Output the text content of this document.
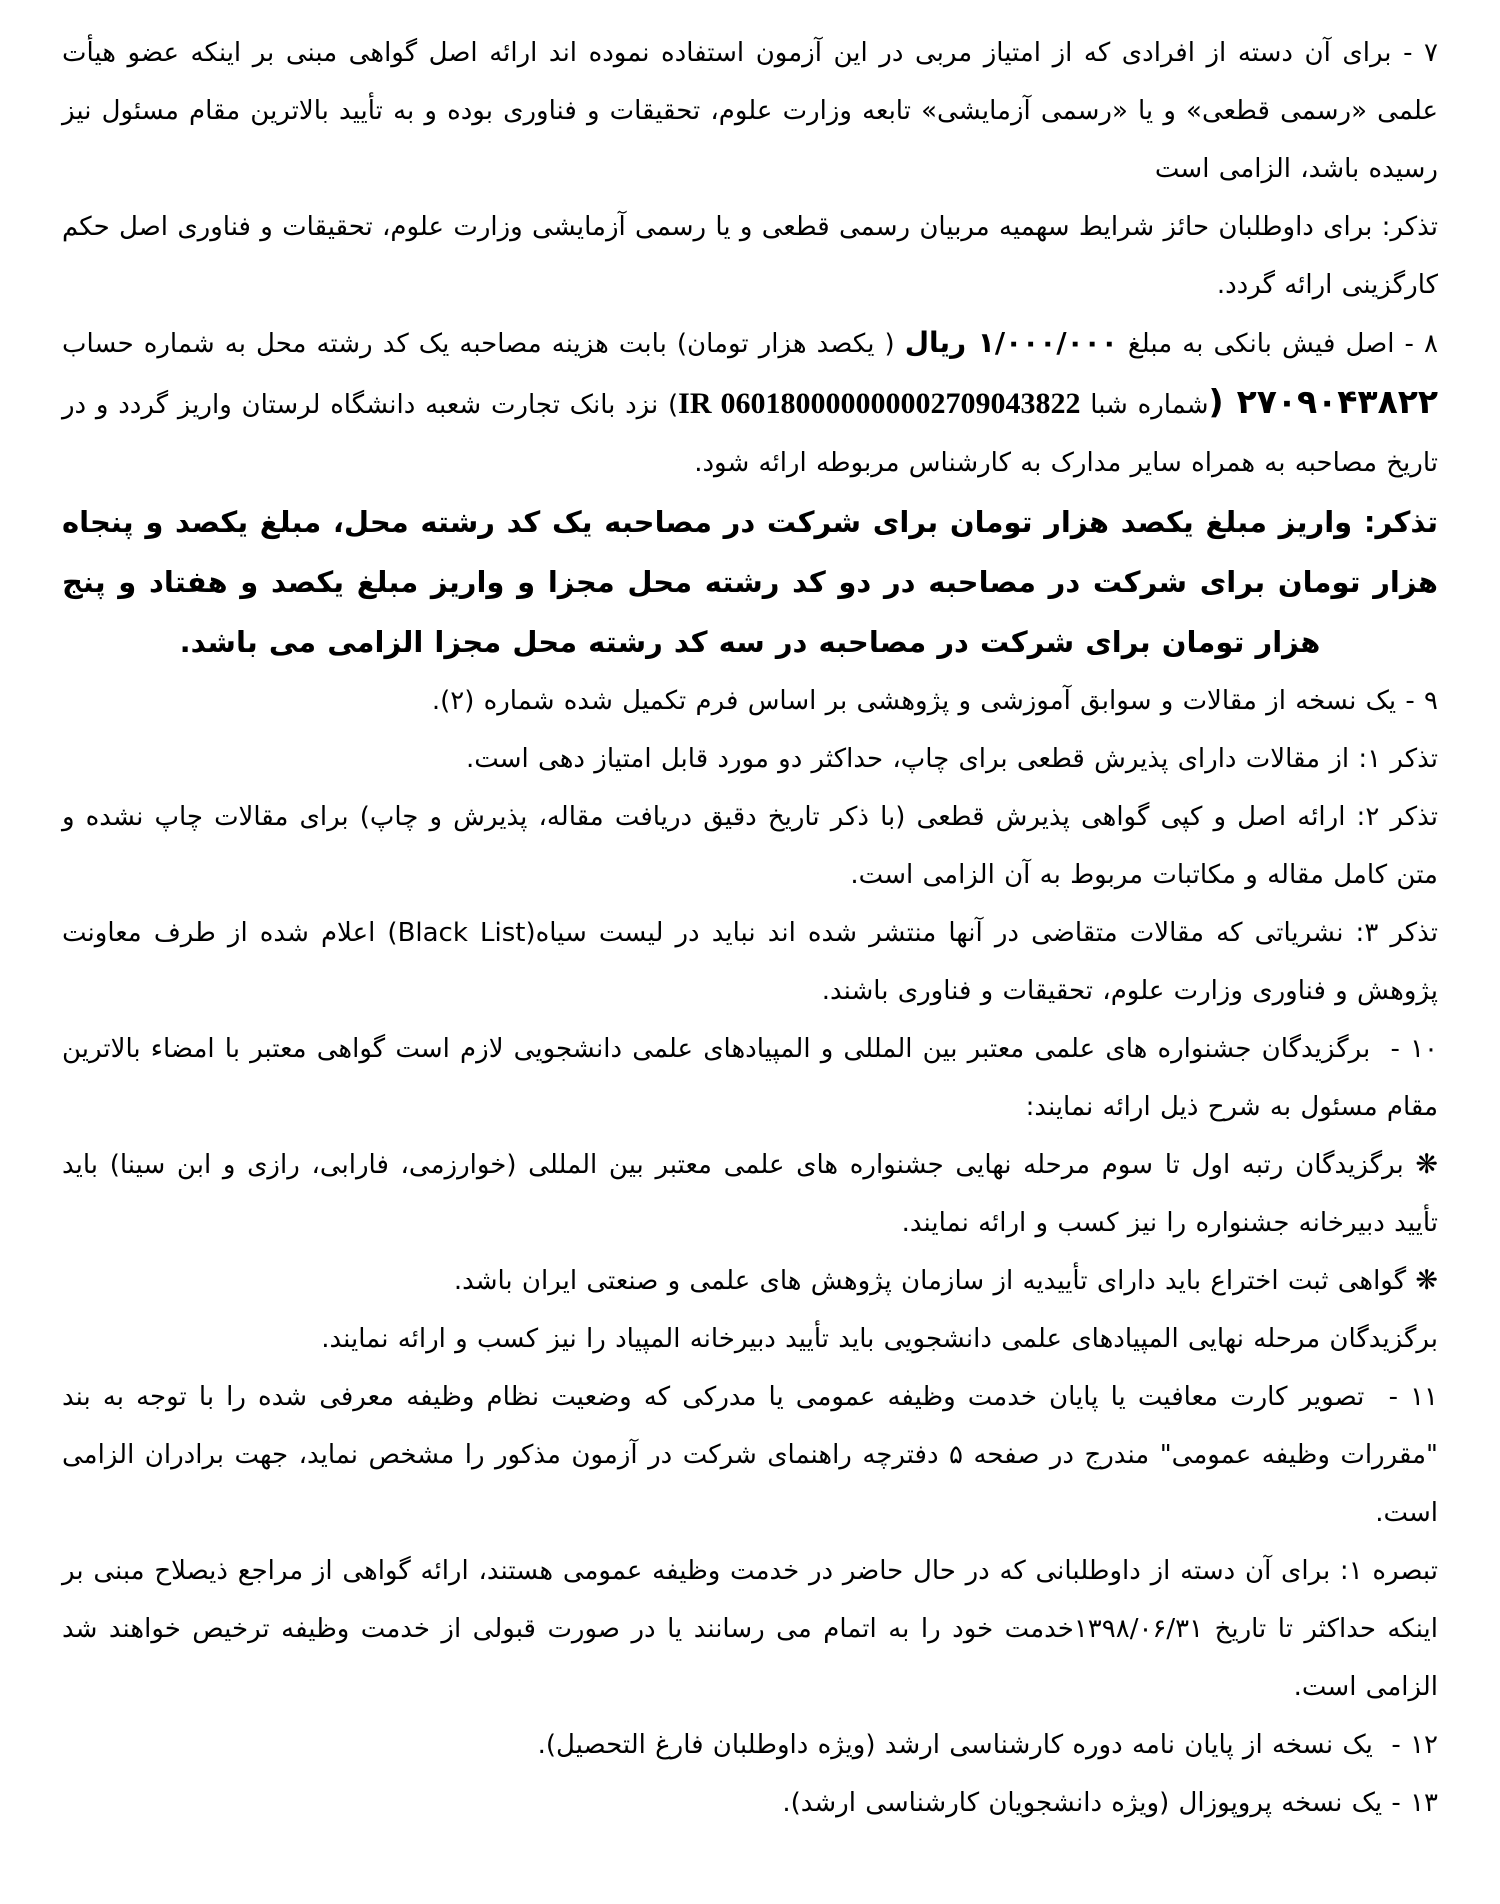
۷ - برای آن دسته از افرادی که از امتیاز مربی در این آزمون استفاده نموده اند ارائه اصل گواهی مبنی بر اینکه عضو هیأت علمی «رسمی قطعی» و یا «رسمی آزمایشی» تابعه وزارت علوم، تحقیقات و فناوری بوده و به تأیید بالاترین مقام مسئول نیز رسیده باشد، الزامی است

تذکر: برای داوطلبان حائز شرایط سهمیه مربیان رسمی قطعی و یا رسمی آزمایشی وزارت علوم، تحقیقات و فناوری اصل حکم کارگزینی ارائه گردد.

۸ - اصل فیش بانکی به مبلغ ۱/۰۰۰/۰۰۰ ریال ( یکصد هزار تومان) بابت هزینه مصاحبه یک کد رشته محل به شماره حساب ۲۷۰۹۰۴۳۸۲۲ (شماره شبا IR 060180000000002709043822) نزد بانک تجارت شعبه دانشگاه لرستان واریز گردد و در تاریخ مصاحبه به همراه سایر مدارک به کارشناس مربوطه ارائه شود.

تذکر: واریز مبلغ یکصد هزار تومان برای شرکت در مصاحبه یک کد رشته محل، مبلغ یکصد و پنجاه هزار تومان برای شرکت در مصاحبه در دو کد رشته محل مجزا و واریز مبلغ یکصد و هفتاد و پنج هزار تومان برای شرکت در مصاحبه در سه کد رشته محل مجزا الزامی می باشد.

۹ - یک نسخه از مقالات و سوابق آموزشی و پژوهشی بر اساس فرم تکمیل شده شماره (۲).

تذکر ۱: از مقالات دارای پذیرش قطعی برای چاپ، حداکثر دو مورد قابل امتیاز دهی است.

تذکر ۲: ارائه اصل و کپی گواهی پذیرش قطعی (با ذکر تاریخ دقیق دریافت مقاله، پذیرش و چاپ) برای مقالات چاپ نشده و متن کامل مقاله و مکاتبات مربوط به آن الزامی است.

تذکر ۳: نشریاتی که مقالات متقاضی در آنها منتشر شده اند نباید در لیست سیاه(Black List) اعلام شده از طرف معاونت پژوهش و فناوری وزارت علوم، تحقیقات و فناوری باشند.

۱۰ -  برگزیدگان جشنواره های علمی معتبر بین المللی و المپیادهای علمی دانشجویی لازم است گواهی معتبر با امضاء بالاترین مقام مسئول به شرح ذیل ارائه نمایند:

❋ برگزیدگان رتبه اول تا سوم مرحله نهایی جشنواره های علمی معتبر بین المللی (خوارزمی، فارابی، رازی و ابن سینا) باید تأیید دبیرخانه جشنواره را نیز کسب و ارائه نمایند.

❋ گواهی ثبت اختراع باید دارای تأییدیه از سازمان پژوهش های علمی و صنعتی ایران باشد.

برگزیدگان مرحله نهایی المپیادهای علمی دانشجویی باید تأیید دبیرخانه المپیاد را نیز کسب و ارائه نمایند.

۱۱ -  تصویر کارت معافیت یا پایان خدمت وظیفه عمومی یا مدرکی که وضعیت نظام وظیفه معرفی شده را با توجه به بند "مقررات وظیفه عمومی" مندرج در صفحه ۵ دفترچه راهنمای شرکت در آزمون مذکور را مشخص نماید، جهت برادران الزامی است.

تبصره ۱: برای آن دسته از داوطلبانی که در حال حاضر در خدمت وظیفه عمومی هستند، ارائه گواهی از مراجع ذیصلاح مبنی بر اینکه حداکثر تا تاریخ ۱۳۹۸/۰۶/۳۱خدمت خود را به اتمام می رسانند یا در صورت قبولی از خدمت وظیفه ترخیص خواهند شد الزامی است.

۱۲ -  یک نسخه از پایان نامه دوره کارشناسی ارشد (ویژه داوطلبان فارغ التحصیل).

۱۳ - یک نسخه پروپوزال (ویژه دانشجویان کارشناسی ارشد).
